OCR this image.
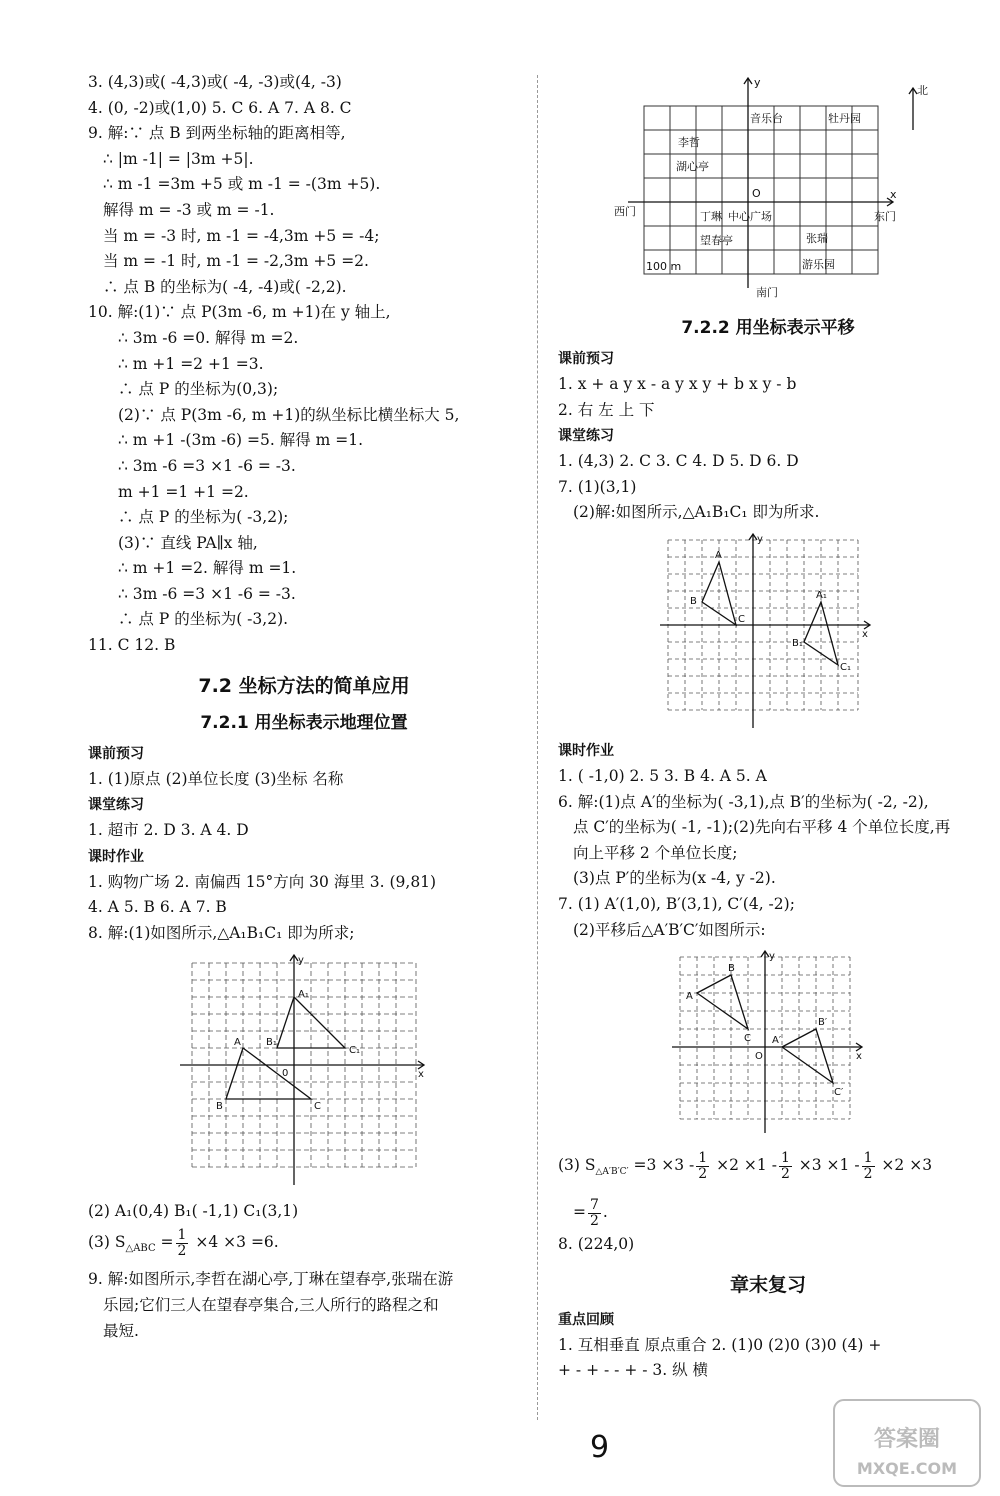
3. (4,3)或( -4,3)或( -4, -3)或(4, -3)
4. (0, -2)或(1,0) 5. C 6. A 7. A 8. C
9. 解:∵ 点 B 到两坐标轴的距离相等,
∴ |m -1| = |3m +5|.
∴ m -1 =3m +5 或 m -1 = -(3m +5).
解得 m = -3 或 m = -1.
当 m = -3 时, m -1 = -4,3m +5 = -4;
当 m = -1 时, m -1 = -2,3m +5 =2.
∴ 点 B 的坐标为( -4, -4)或( -2,2).
10. 解:(1)∵ 点 P(3m -6, m +1)在 y 轴上,
∴ 3m -6 =0. 解得 m =2.
∴ m +1 =2 +1 =3.
∴ 点 P 的坐标为(0,3);
(2)∵ 点 P(3m -6, m +1)的纵坐标比横坐标大 5,
∴ m +1 -(3m -6) =5. 解得 m =1.
∴ 3m -6 =3 ×1 -6 = -3.
m +1 =1 +1 =2.
∴ 点 P 的坐标为( -3,2);
(3)∵ 直线 PA∥x 轴,
∴ m +1 =2. 解得 m =1.
∴ 3m -6 =3 ×1 -6 = -3.
∴ 点 P 的坐标为( -3,2).
11. C 12. B
7.2 坐标方法的简单应用
7.2.1 用坐标表示地理位置
课前预习
1. (1)原点 (2)单位长度 (3)坐标 名称
课堂练习
1. 超市 2. D 3. A 4. D
课时作业
1. 购物广场 2. 南偏西 15°方向 30 海里 3. (9,81)
4. A 5. B 6. A 7. B
8. 解:(1)如图所示,△A₁B₁C₁ 即为所求;
y
x
0
A₁
B₁
C₁
A
B	C
(2) A₁(0,4) B₁( -1,1) C₁(3,1)
(3) $S_{\triangle ABC} = \frac{1}{2} \times 4 \times 3 =6$.
9. 解:如图所示,李哲在湖心亭,丁琳在望春亭,张瑞在游
乐园;它们三人在望春亭集合,三人所行的路程之和
最短.
北
y
x
O
音乐台	牡丹园
李哲
湖心亭
西门	丁琳 中心广场	东门
望春亭	张瑞
100 m	游乐园
南门
7.2.2 用坐标表示平移
课前预习
1. x + a y x - a y x y + b x y - b
2. 右 左 上 下
课堂练习
1. (4,3) 2. C 3. C 4. D 5. D 6. D
7. (1)(3,1)
(2)解:如图所示,△A₁B₁C₁ 即为所求.
y
x
A
B
C
A₁
B₁
C₁
课时作业
1. ( -1,0) 2. 5 3. B 4. A 5. A
6. 解:(1)点 A′的坐标为( -3,1),点 B′的坐标为( -2, -2),
点 C′的坐标为( -1, -1);(2)先向右平移 4 个单位长度,再
向上平移 2 个单位长度;
(3)点 P′的坐标为(x -4, y -2).
7. (1) A′(1,0), B′(3,1), C′(4, -2);
(2)平移后△A′B′C′如图所示:
y
x
O
A
B
C A′
B′
C′
(3) $S_{\triangle A'B'C'} =3 \times 3 - \frac{1}{2} \times 2 \times 1 - \frac{1}{2} \times 3 \times 1 - \frac{1}{2} \times 2 \times 3$
= $\frac{7}{2}$ .
8. (224,0)
章末复习
重点回顾
1. 互相垂直 原点重合 2. (1)0 (2)0 (3)0 (4) +
+ - + - - + - 3. 纵 横
9	答案圈
MXQE.COM
